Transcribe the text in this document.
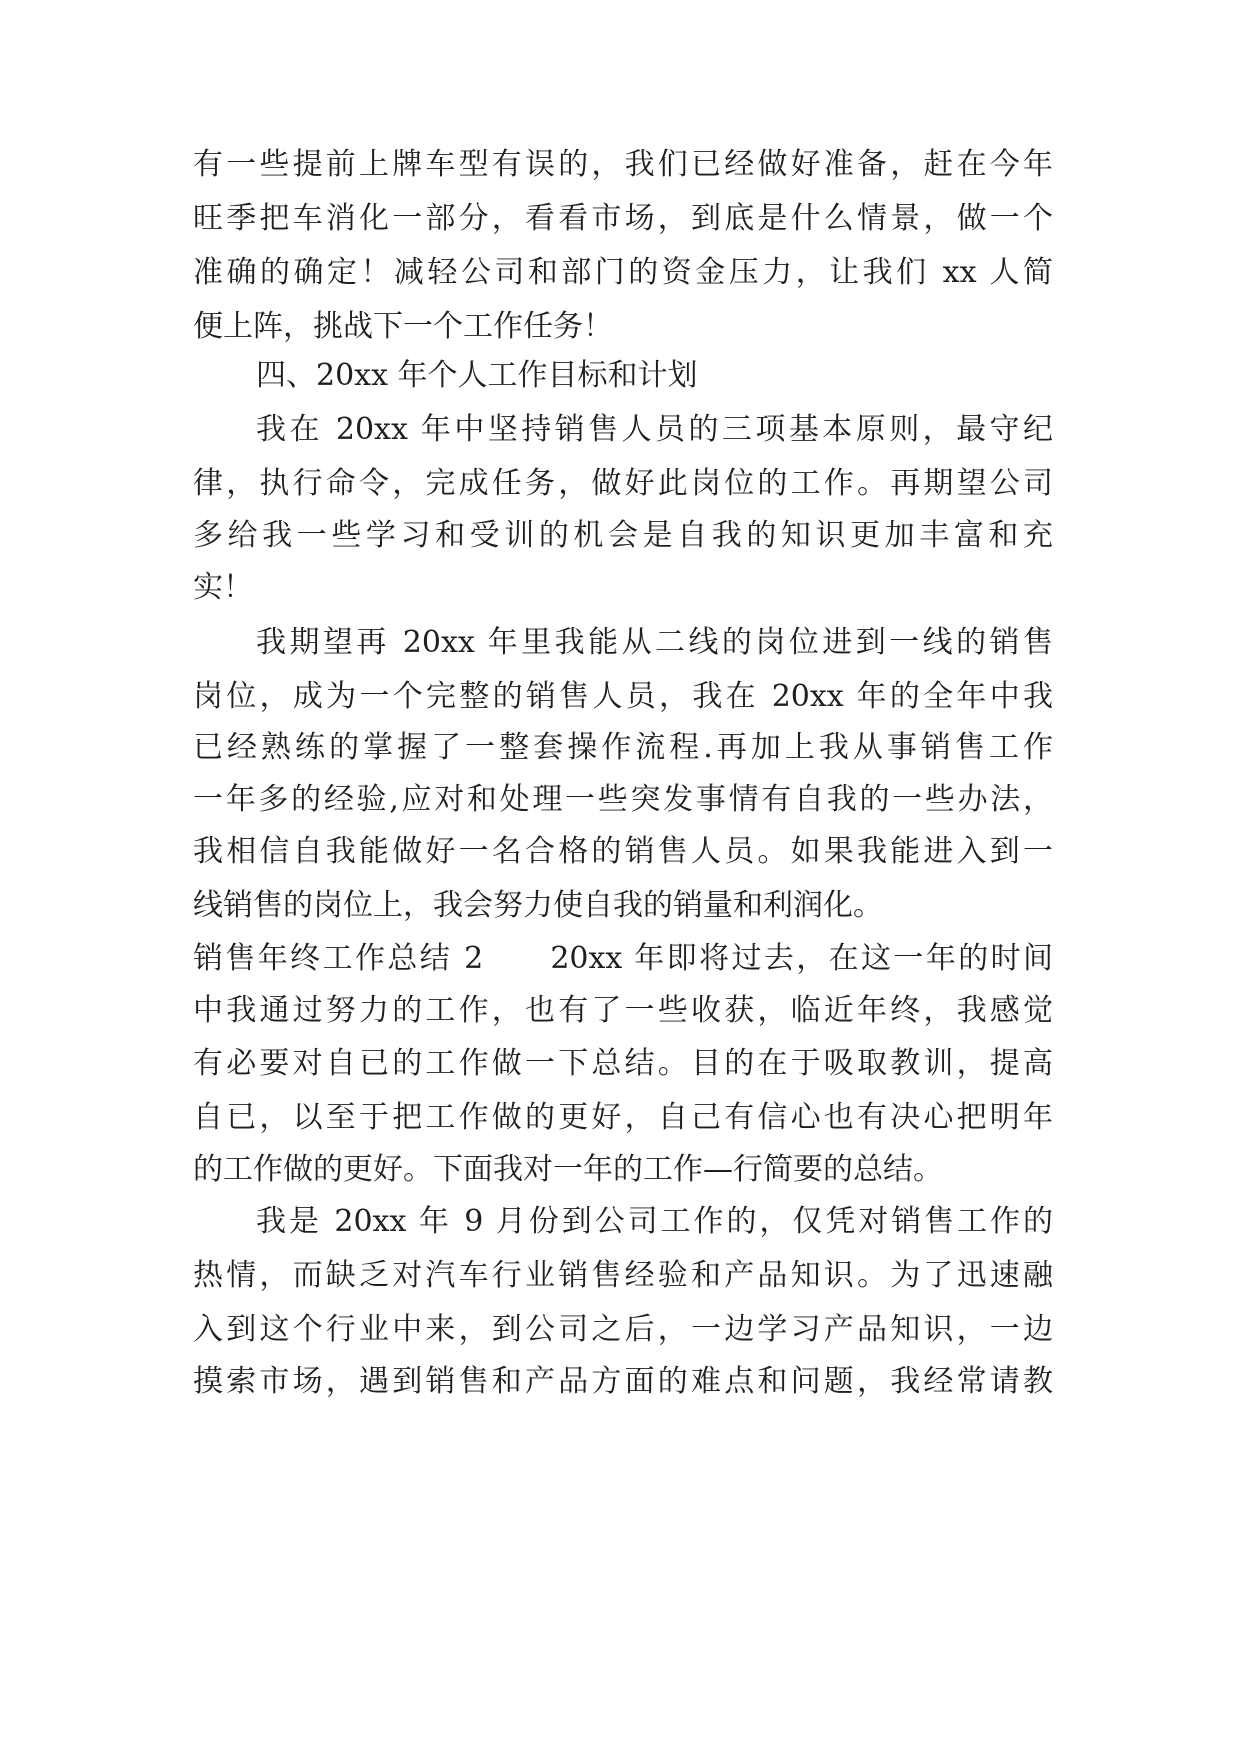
有一些提前上牌车型有误的，我们已经做好准备，赶在今年
旺季把车消化一部分，看看市场，到底是什么情景，做一个
准确的确定！减轻公司和部门的资金压力，让我们 xx 人简
便上阵，挑战下一个工作任务！
四、20xx 年个人工作目标和计划
我在 20xx 年中坚持销售人员的三项基本原则，最守纪
律，执行命令，完成任务，做好此岗位的工作。再期望公司
多给我一些学习和受训的机会是自我的知识更加丰富和充
实！
我期望再 20xx 年里我能从二线的岗位进到一线的销售
岗位，成为一个完整的销售人员，我在 20xx 年的全年中我
已经熟练的掌握了一整套操作流程.再加上我从事销售工作
一年多的经验,应对和处理一些突发事情有自我的一些办法，
我相信自我能做好一名合格的销售人员。如果我能进入到一
线销售的岗位上，我会努力使自我的销量和利润化。
销售年终工作总结 2　　20xx 年即将过去，在这一年的时间
中我通过努力的工作，也有了一些收获，临近年终，我感觉
有必要对自已的工作做一下总结。目的在于吸取教训，提高
自已，以至于把工作做的更好，自己有信心也有决心把明年
的工作做的更好。下面我对一年的工作—行简要的总结。
我是 20xx 年 9 月份到公司工作的，仅凭对销售工作的
热情，而缺乏对汽车行业销售经验和产品知识。为了迅速融
入到这个行业中来，到公司之后，一边学习产品知识，一边
摸索市场，遇到销售和产品方面的难点和问题，我经常请教
